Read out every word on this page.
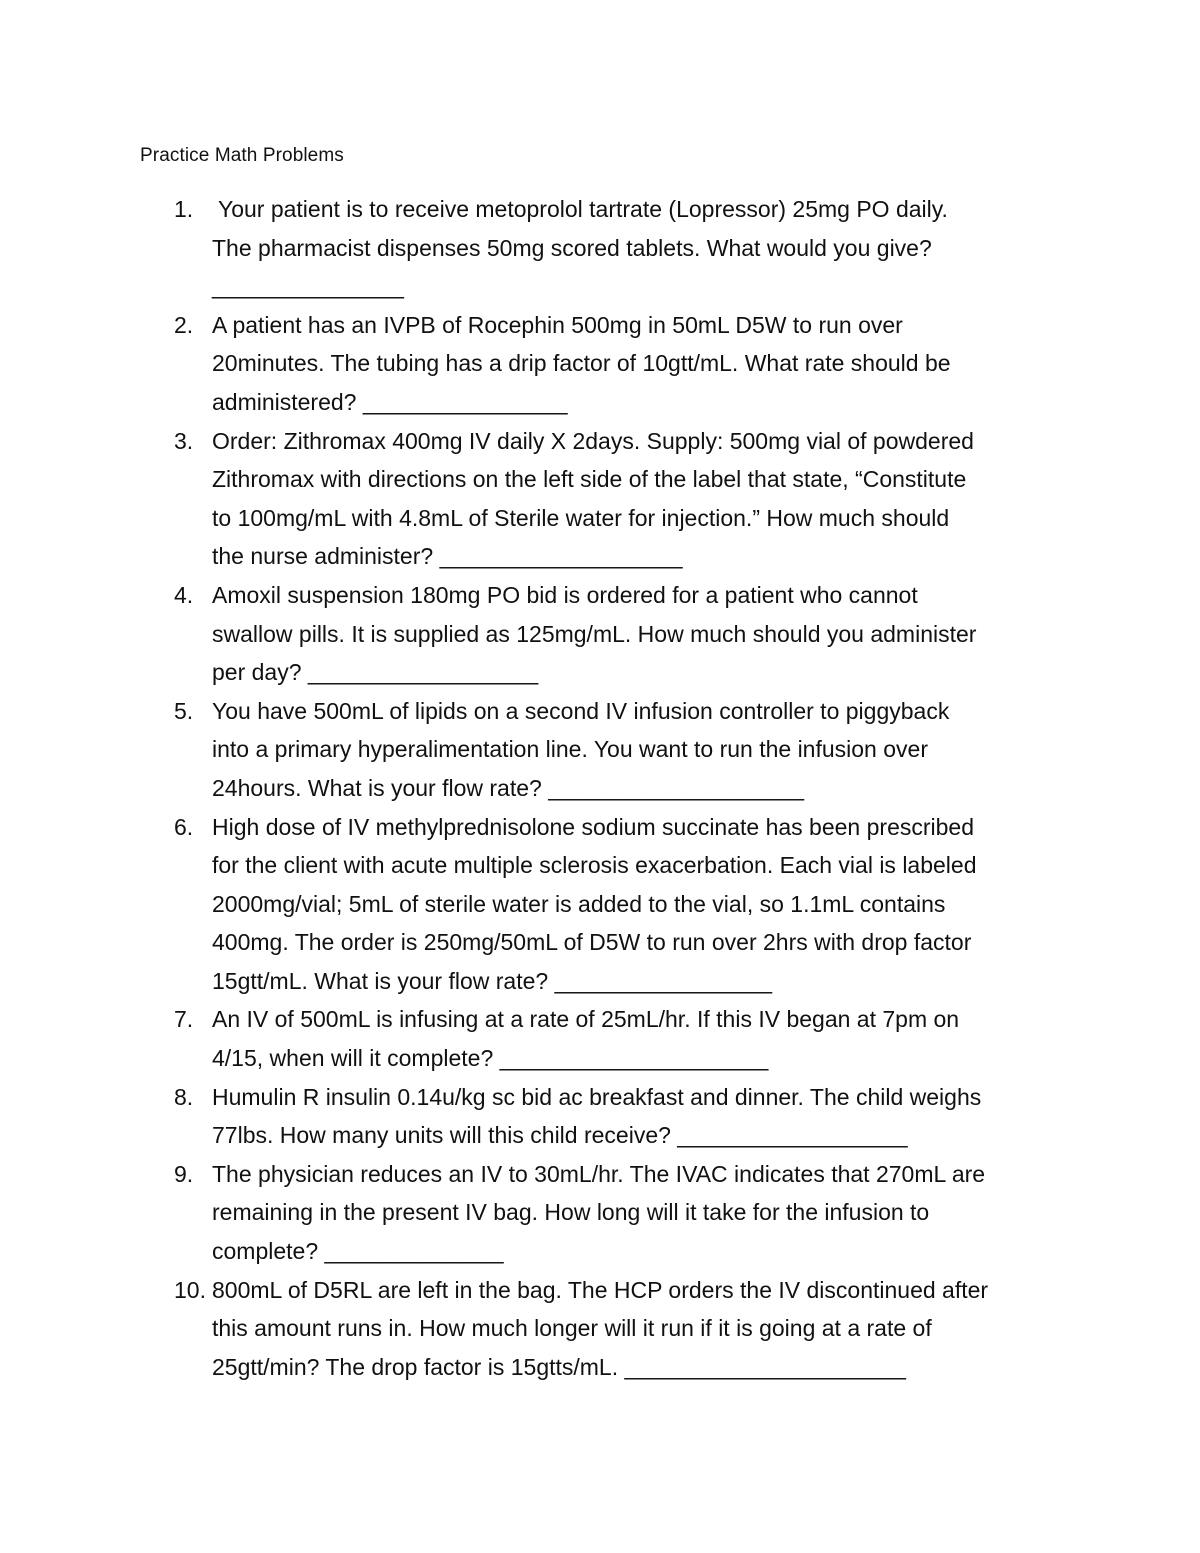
Practice Math Problems
1. Your patient is to receive metoprolol tartrate (Lopressor) 25mg PO daily.
The pharmacist dispenses 50mg scored tablets. What would you give?
_______________
2. A patient has an IVPB of Rocephin 500mg in 50mL D5W to run over
20minutes. The tubing has a drip factor of 10gtt/mL. What rate should be
administered? ________________
3. Order: Zithromax 400mg IV daily X 2days. Supply: 500mg vial of powdered
Zithromax with directions on the left side of the label that state, “Constitute
to 100mg/mL with 4.8mL of Sterile water for injection.” How much should
the nurse administer? ___________________
4. Amoxil suspension 180mg PO bid is ordered for a patient who cannot
swallow pills. It is supplied as 125mg/mL. How much should you administer
per day? __________________
5. You have 500mL of lipids on a second IV infusion controller to piggyback
into a primary hyperalimentation line. You want to run the infusion over
24hours. What is your flow rate? ____________________
6. High dose of IV methylprednisolone sodium succinate has been prescribed
for the client with acute multiple sclerosis exacerbation. Each vial is labeled
2000mg/vial; 5mL of sterile water is added to the vial, so 1.1mL contains
400mg. The order is 250mg/50mL of D5W to run over 2hrs with drop factor
15gtt/mL. What is your flow rate? _________________
7. An IV of 500mL is infusing at a rate of 25mL/hr. If this IV began at 7pm on
4/15, when will it complete? _____________________
8. Humulin R insulin 0.14u/kg sc bid ac breakfast and dinner. The child weighs
77lbs. How many units will this child receive? __________________
9. The physician reduces an IV to 30mL/hr. The IVAC indicates that 270mL are
remaining in the present IV bag. How long will it take for the infusion to
complete? ______________
10. 800mL of D5RL are left in the bag. The HCP orders the IV discontinued after
this amount runs in. How much longer will it run if it is going at a rate of
25gtt/min? The drop factor is 15gtts/mL. ______________________
